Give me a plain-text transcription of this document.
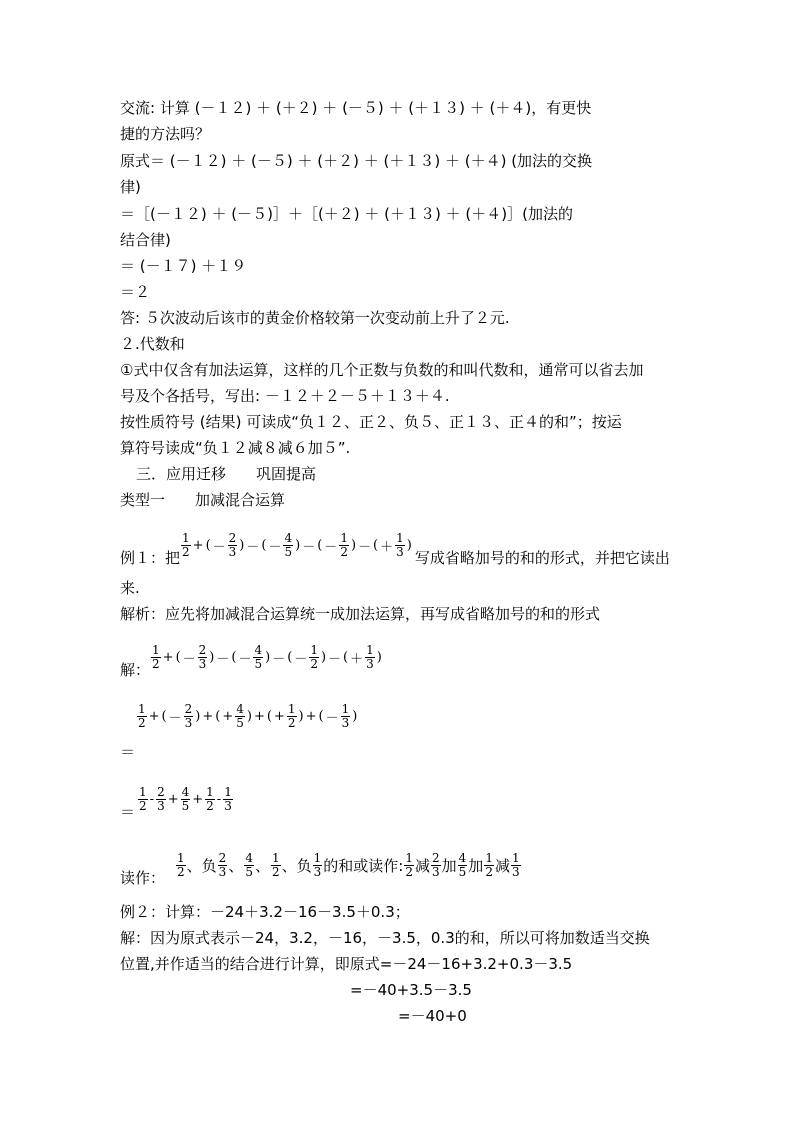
交流: 计算 (－１２) ＋ (＋２) ＋ (－５) ＋ (＋１３) ＋ (＋４)，有更快
捷的方法吗？
原式＝ (－１２) ＋ (－５) ＋ (＋２) ＋ (＋１３) ＋ (＋４) (加法的交换
律)
＝［(－１２) ＋ (－５)］＋［(＋２) ＋ (＋１３) ＋ (＋４)］(加法的
结合律)
＝ (－１７) ＋１９
＝２
答: ５次波动后该市的黄金价格较第一次变动前上升了２元.
２.代数和
①式中仅含有加法运算，这样的几个正数与负数的和叫代数和，通常可以省去加
号及个各括号，写出: －１２＋２－５＋１３＋４.
按性质符号 (结果) 可读成“负１２、正２、负５、正１３、正４的和”；按运
算符号读成“负１２减８减６加５”.
三．应用迁移　　巩固提高
类型一　　加减混合运算
例１：把 $\frac{1}{2}$ + ( － $\frac{2}{3}$ ) － ( － $\frac{4}{5}$ ) － ( － $\frac{1}{2}$ ) － ( ＋ $\frac{1}{3}$ )
写成省略加号的和的形式，并把它读出
来.
解析：应先将加减混合运算统一成加法运算，再写成省略加号的和的形式
解： $\frac{1}{2}$ + ( － $\frac{2}{3}$ ) － ( － $\frac{4}{5}$ ) － ( － $\frac{1}{2}$ ) － ( ＋ $\frac{1}{3}$ )
$\frac{1}{2}$ + ( － $\frac{2}{3}$ ) + ( + $\frac{4}{5}$ ) + ( + $\frac{1}{2}$ ) + ( － $\frac{1}{3}$ )
＝
＝ $\frac{1}{2} - \frac{2}{3} + \frac{4}{5} + \frac{1}{2} - \frac{1}{3}$
读作： $\frac{1}{2}$ 、负 $\frac{2}{3}$ 、 $\frac{4}{5}$ 、 $\frac{1}{2}$ 、负 $\frac{1}{3}$ 的和或读作: $\frac{1}{2}$ 减 $\frac{2}{3}$ 加 $\frac{4}{5}$ 加 $\frac{1}{2}$ 减 $\frac{1}{3}$
例２：计算：－24＋3.2－16－3.5＋0.3；
解：因为原式表示－24，3.2，－16，－3.5，0.3的和，所以可将加数适当交换
位置,并作适当的结合进行计算，即原式=－24－16+3.2+0.3－3.5
=－40+3.5－3.5
=－40+0
